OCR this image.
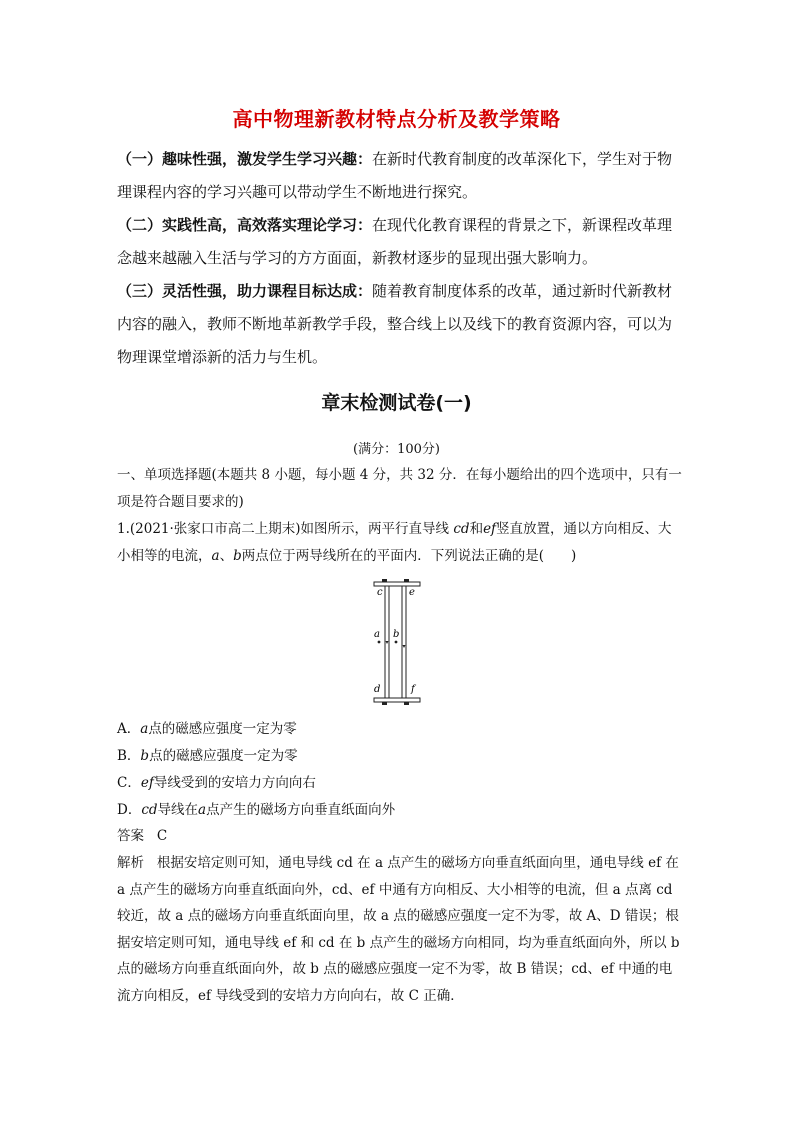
高中物理新教材特点分析及教学策略
（一）趣味性强，激发学生学习兴趣：在新时代教育制度的改革深化下，学生对于物理课程内容的学习兴趣可以带动学生不断地进行探究。
（二）实践性高，高效落实理论学习：在现代化教育课程的背景之下，新课程改革理念越来越融入生活与学习的方方面面，新教材逐步的显现出强大影响力。
（三）灵活性强，助力课程目标达成：随着教育制度体系的改革，通过新时代新教材内容的融入，教师不断地革新教学手段，整合线上以及线下的教育资源内容，可以为物理课堂增添新的活力与生机。
章末检测试卷(一)
(满分：100分)
一、单项选择题(本题共 8 小题，每小题 4 分，共 32 分．在每小题给出的四个选项中，只有一项是符合题目要求的)
1.(2021·张家口市高二上期末)如图所示，两平行直导线 cd和ef竖直放置，通以方向相反、大小相等的电流，a、b两点位于两导线所在的平面内．下列说法正确的是(　　)
c	e
a b
d	f
A．a点的磁感应强度一定为零
B．b点的磁感应强度一定为零
C．ef导线受到的安培力方向向右
D．cd导线在a点产生的磁场方向垂直纸面向外
答案 C
解析 根据安培定则可知，通电导线 cd 在 a 点产生的磁场方向垂直纸面向里，通电导线 ef 在 a 点产生的磁场方向垂直纸面向外，cd、ef 中通有方向相反、大小相等的电流，但 a 点离 cd 较近，故 a 点的磁场方向垂直纸面向里，故 a 点的磁感应强度一定不为零，故 A、D 错误；根据安培定则可知，通电导线 ef 和 cd 在 b 点产生的磁场方向相同，均为垂直纸面向外，所以 b 点的磁场方向垂直纸面向外，故 b 点的磁感应强度一定不为零，故 B 错误；cd、ef 中通的电流方向相反，ef 导线受到的安培力方向向右，故 C 正确．
